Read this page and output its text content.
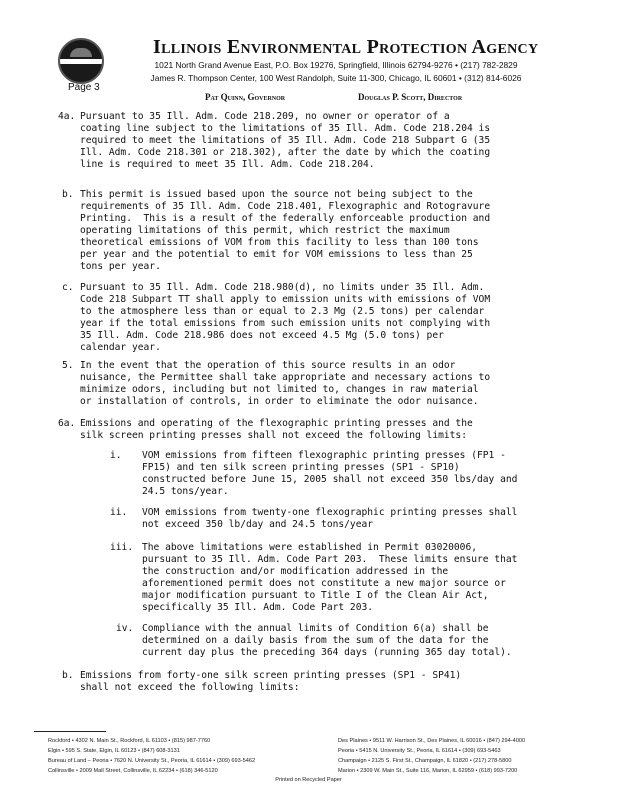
Page 3
Illinois Environmental Protection Agency
1021 North Grand Avenue East, P.O. Box 19276, Springfield, Illinois 62794-9276 • (217) 782-2829
James R. Thompson Center, 100 West Randolph, Suite 11-300, Chicago, IL 60601 • (312) 814-6026
Pat Quinn, Governor	Douglas P. Scott, Director
4a. Pursuant to 35 Ill. Adm. Code 218.209, no owner or operator of a
coating line subject to the limitations of 35 Ill. Adm. Code 218.204 is
required to meet the limitations of 35 Ill. Adm. Code 218 Subpart G (35
Ill. Adm. Code 218.301 or 218.302), after the date by which the coating
line is required to meet 35 Ill. Adm. Code 218.204.
b. This permit is issued based upon the source not being subject to the
requirements of 35 Ill. Adm. Code 218.401, Flexographic and Rotogravure
Printing.  This is a result of the federally enforceable production and
operating limitations of this permit, which restrict the maximum
theoretical emissions of VOM from this facility to less than 100 tons
per year and the potential to emit for VOM emissions to less than 25
tons per year.
c. Pursuant to 35 Ill. Adm. Code 218.980(d), no limits under 35 Ill. Adm.
Code 218 Subpart TT shall apply to emission units with emissions of VOM
to the atmosphere less than or equal to 2.3 Mg (2.5 tons) per calendar
year if the total emissions from such emission units not complying with
35 Ill. Adm. Code 218.986 does not exceed 4.5 Mg (5.0 tons) per
calendar year.
5. In the event that the operation of this source results in an odor
nuisance, the Permittee shall take appropriate and necessary actions to
minimize odors, including but not limited to, changes in raw material
or installation of controls, in order to eliminate the odor nuisance.
6a. Emissions and operating of the flexographic printing presses and the
silk screen printing presses shall not exceed the following limits:
i. VOM emissions from fifteen flexographic printing presses (FP1 -
FP15) and ten silk screen printing presses (SP1 - SP10)
constructed before June 15, 2005 shall not exceed 350 lbs/day and
24.5 tons/year.
ii. VOM emissions from twenty-one flexographic printing presses shall
not exceed 350 lb/day and 24.5 tons/year
iii. The above limitations were established in Permit 03020006,
pursuant to 35 Ill. Adm. Code Part 203.  These limits ensure that
the construction and/or modification addressed in the
aforementioned permit does not constitute a new major source or
major modification pursuant to Title I of the Clean Air Act,
specifically 35 Ill. Adm. Code Part 203.
iv. Compliance with the annual limits of Condition 6(a) shall be
determined on a daily basis from the sum of the data for the
current day plus the preceding 364 days (running 365 day total).
b. Emissions from forty-one silk screen printing presses (SP1 - SP41)
shall not exceed the following limits:
Rockford • 4302 N. Main St., Rockford, IL 61103 • (815) 987-7760
Elgin • 595 S. State, Elgin, IL 60123 • (847) 608-3131
Bureau of Land – Peoria • 7620 N. University St., Peoria, IL 61614 • (309) 693-5462
Collinsville • 2009 Mall Street, Collinsville, IL 62234 • (618) 346-5120
Des Plaines • 9511 W. Harrison St., Des Plaines, IL 60016 • (847) 294-4000
Peoria • 5415 N. University St., Peoria, IL 61614 • (309) 693-5463
Champaign • 2125 S. First St., Champaign, IL 61820 • (217) 278-5800
Marion • 2309 W. Main St., Suite 116, Marion, IL 62959 • (618) 993-7200
Printed on Recycled Paper
